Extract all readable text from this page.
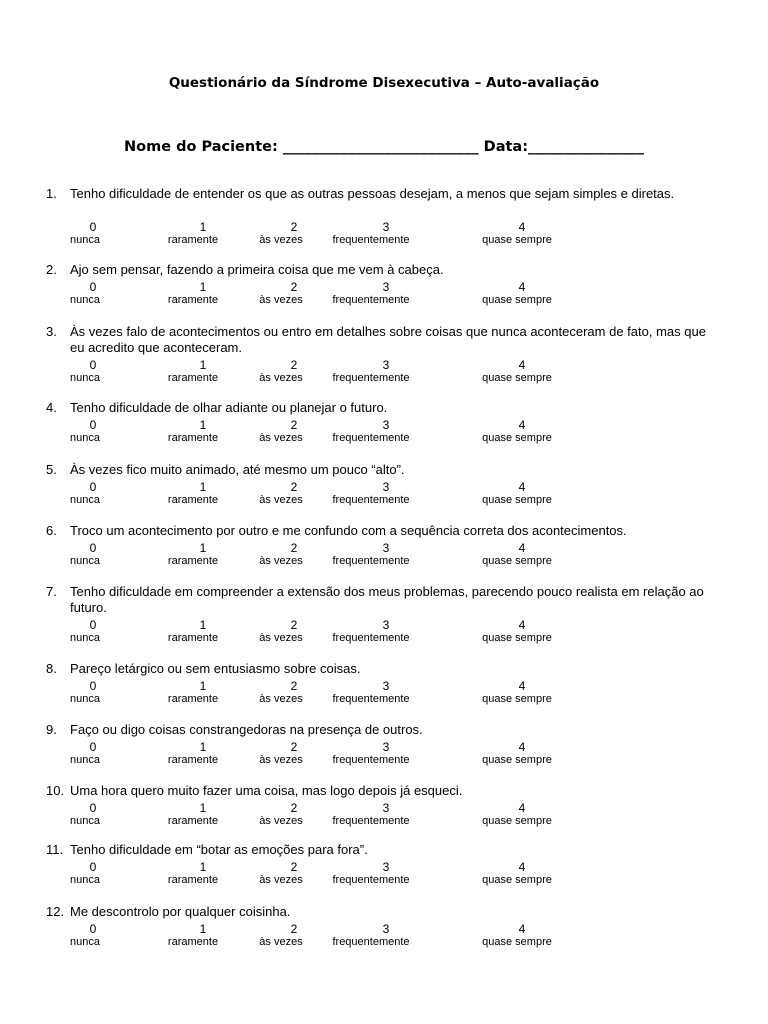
Questionário da Síndrome Disexecutiva – Auto-avaliação
Nome do Paciente: ___________________________ Data:________________
1. Tenho dificuldade de entender os que as outras pessoas desejam, a menos que sejam simples e diretas.
0
nunca
1
raramente
2
às vezes
3
frequentemente
4
quase sempre
2. Ajo sem pensar, fazendo a primeira coisa que me vem à cabeça.
0
nunca
1
raramente
2
às vezes
3
frequentemente
4
quase sempre
3. Às vezes falo de acontecimentos ou entro em detalhes sobre coisas que nunca aconteceram de fato, mas que eu acredito que aconteceram.
0
nunca
1
raramente
2
às vezes
3
frequentemente
4
quase sempre
4. Tenho dificuldade de olhar adiante ou planejar o futuro.
0
nunca
1
raramente
2
às vezes
3
frequentemente
4
quase sempre
5. Às vezes fico muito animado, até mesmo um pouco “alto”.
0
nunca
1
raramente
2
às vezes
3
frequentemente
4
quase sempre
6. Troco um acontecimento por outro e me confundo com a sequência correta dos acontecimentos.
0
nunca
1
raramente
2
às vezes
3
frequentemente
4
quase sempre
7. Tenho dificuldade em compreender a extensão dos meus problemas, parecendo pouco realista em relação ao futuro.
0
nunca
1
raramente
2
às vezes
3
frequentemente
4
quase sempre
8. Pareço letárgico ou sem entusiasmo sobre coisas.
0
nunca
1
raramente
2
às vezes
3
frequentemente
4
quase sempre
9. Faço ou digo coisas constrangedoras na presença de outros.
0
nunca
1
raramente
2
às vezes
3
frequentemente
4
quase sempre
10. Uma hora quero muito fazer uma coisa, mas logo depois já esqueci.
0
nunca
1
raramente
2
às vezes
3
frequentemente
4
quase sempre
11. Tenho dificuldade em “botar as emoções para fora”.
0
nunca
1
raramente
2
às vezes
3
frequentemente
4
quase sempre
12. Me descontrolo por qualquer coisinha.
0
nunca
1
raramente
2
às vezes
3
frequentemente
4
quase sempre
